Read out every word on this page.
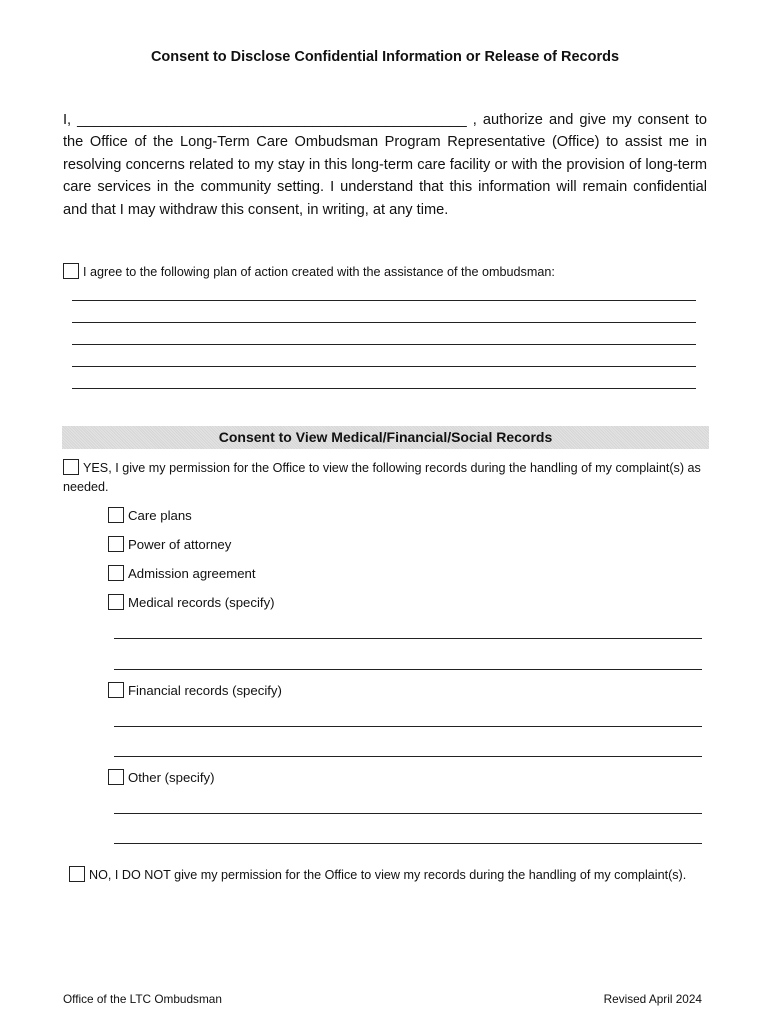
Consent to Disclose Confidential Information or Release of Records
I, ________________________________________________ , authorize and give my consent to the Office of the Long-Term Care Ombudsman Program Representative (Office) to assist me in resolving concerns related to my stay in this long-term care facility or with the provision of long-term care services in the community setting. I understand that this information will remain confidential and that I may withdraw this consent, in writing, at any time.
I agree to the following plan of action created with the assistance of the ombudsman:
Consent to View Medical/Financial/Social Records
YES, I give my permission for the Office to view the following records during the handling of my complaint(s) as needed.
Care plans
Power of attorney
Admission agreement
Medical records (specify)
Financial records (specify)
Other (specify)
NO, I DO NOT give my permission for the Office to view my records during the handling of my complaint(s).
Office of the LTC Ombudsman	Revised April 2024
